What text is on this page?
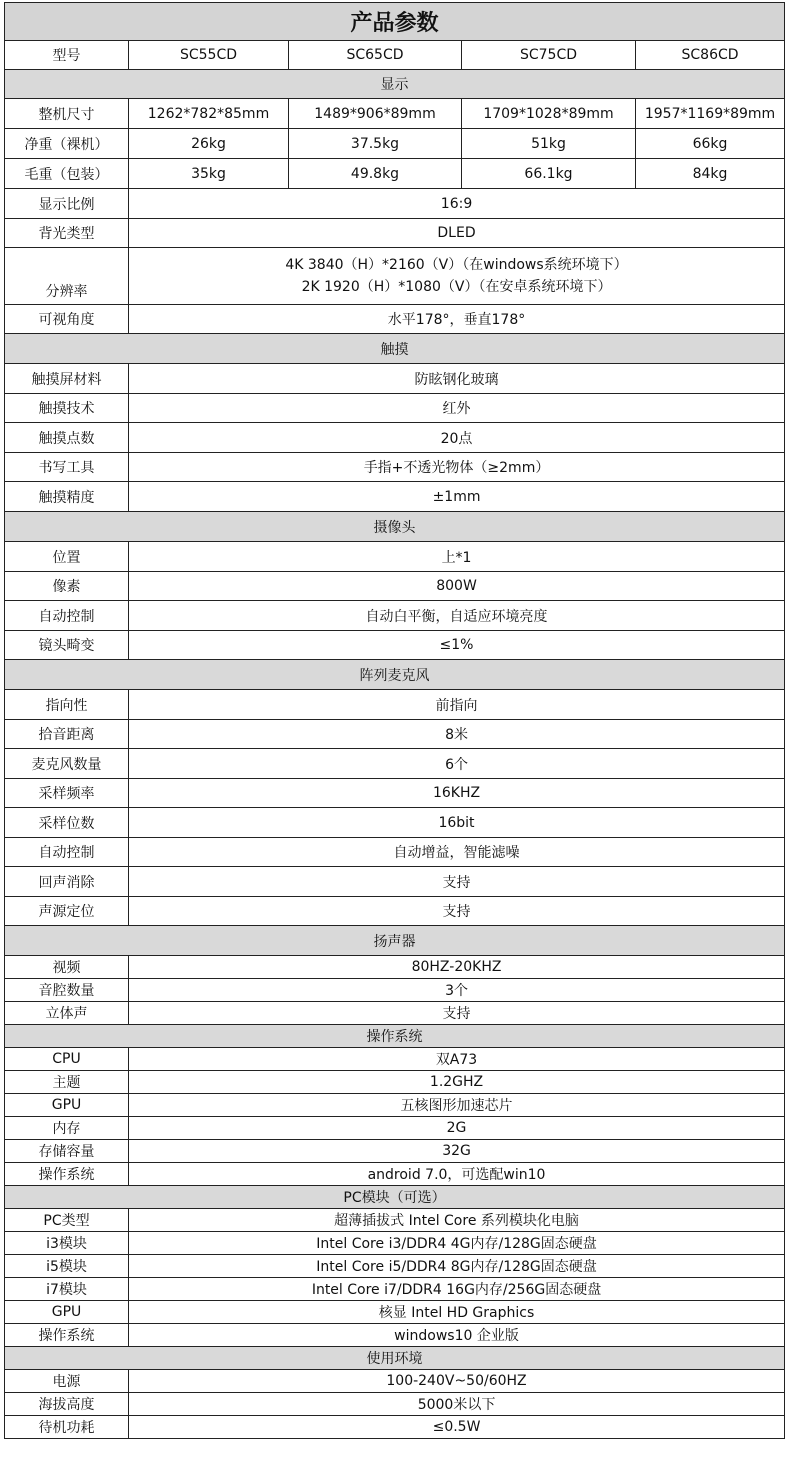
产品参数				
型号	SC55CD	SC65CD	SC75CD	SC86CD
显示				
整机尺寸	1262*782*85mm	1489*906*89mm	1709*1028*89mm	1957*1169*89mm
净重（裸机）	26kg	37.5kg	51kg	66kg
毛重（包装）	35kg	49.8kg	66.1kg	84kg
显示比例	16:9			
背光类型	DLED			
分辨率	4K 3840（H）*2160（V）（在windows系统环境下）
2K 1920（H）*1080（V）（在安卓系统环境下）			

可视角度	水平178°，垂直178°			
触摸				
触摸屏材料	防眩钢化玻璃			
触摸技术	红外			
触摸点数	20点			
书写工具	手指+不透光物体（≥2mm）			
触摸精度	±1mm			
摄像头				
位置	上*1			
像素	800W			
自动控制	自动白平衡，自适应环境亮度			
镜头畸变	≤1%			
阵列麦克风				
指向性	前指向			
拾音距离	8米			
麦克风数量	6个			
采样频率	16KHZ			
采样位数	16bit			
自动控制	自动增益，智能滤噪			
回声消除	支持			
声源定位	支持			
扬声器				
视频	80HZ-20KHZ			
音腔数量	3个			
立体声	支持			
操作系统				
CPU	双A73			
主题	1.2GHZ			
GPU	五核图形加速芯片			
内存	2G			
存储容量	32G			
操作系统	android 7.0，可选配win10			
PC模块（可选）				
PC类型	超薄插拔式 Intel Core 系列模块化电脑			
i3模块	Intel Core i3/DDR4 4G内存/128G固态硬盘			
i5模块	Intel Core i5/DDR4 8G内存/128G固态硬盘			
i7模块	Intel Core i7/DDR4 16G内存/256G固态硬盘			
GPU	核显 Intel HD Graphics			
操作系统	windows10 企业版			
使用环境				
电源	100-240V~50/60HZ			
海拔高度	5000米以下			
待机功耗	≤0.5W			
